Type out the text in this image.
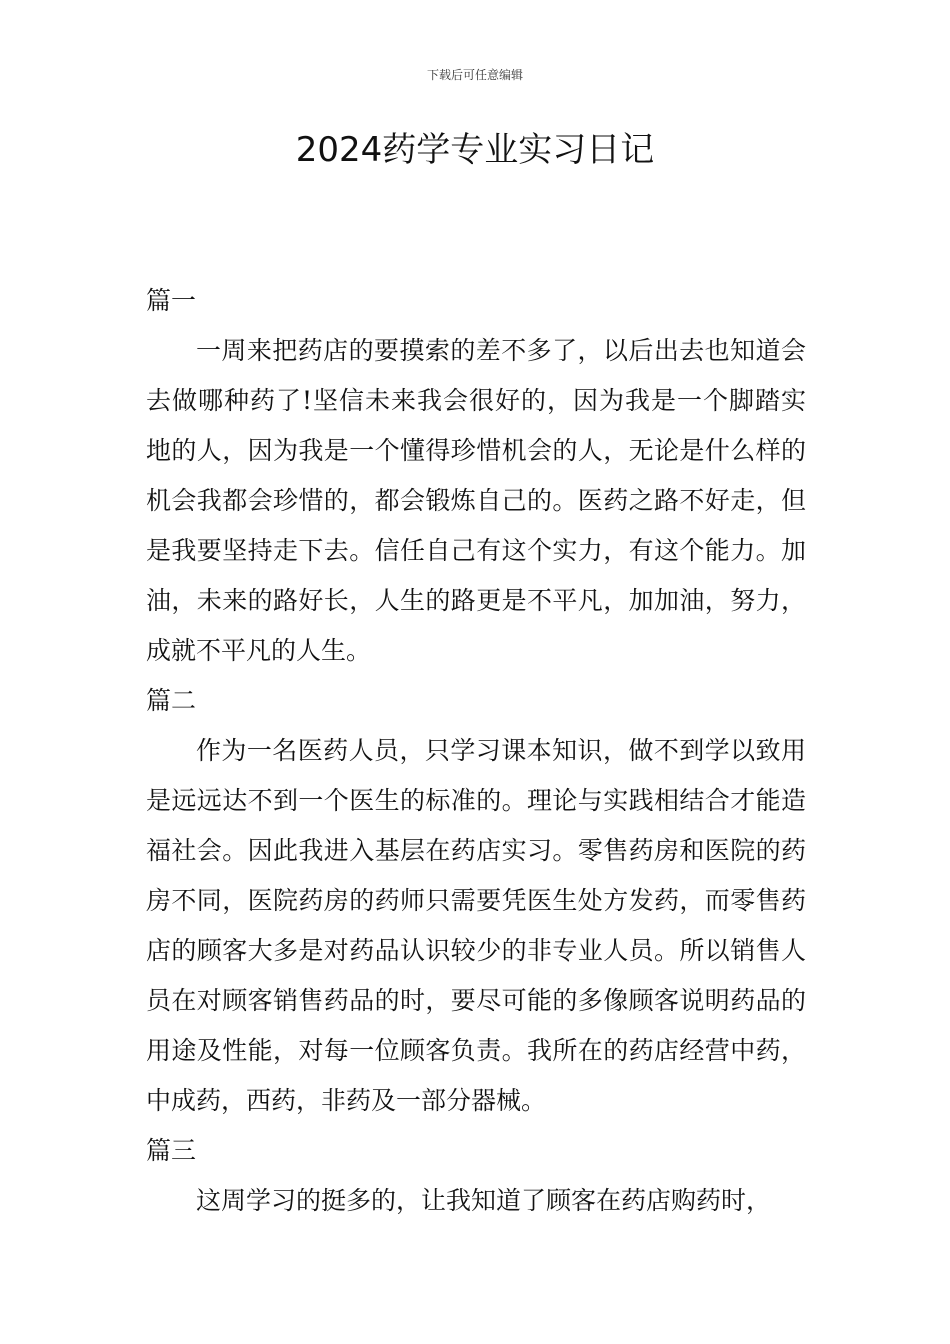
下载后可任意编辑
2024药学专业实习日记
篇一

一周来把药店的要摸索的差不多了，以后出去也知道会去做哪种药了!坚信未来我会很好的，因为我是一个脚踏实地的人，因为我是一个懂得珍惜机会的人，无论是什么样的机会我都会珍惜的，都会锻炼自己的。医药之路不好走，但是我要坚持走下去。信任自己有这个实力，有这个能力。加油，未来的路好长，人生的路更是不平凡，加加油，努力，成就不平凡的人生。

篇二

作为一名医药人员，只学习课本知识，做不到学以致用是远远达不到一个医生的标准的。理论与实践相结合才能造福社会。因此我进入基层在药店实习。零售药房和医院的药房不同，医院药房的药师只需要凭医生处方发药，而零售药店的顾客大多是对药品认识较少的非专业人员。所以销售人员在对顾客销售药品的时，要尽可能的多像顾客说明药品的用途及性能，对每一位顾客负责。我所在的药店经营中药，中成药，西药，非药及一部分器械。

篇三

这周学习的挺多的，让我知道了顾客在药店购药时，
